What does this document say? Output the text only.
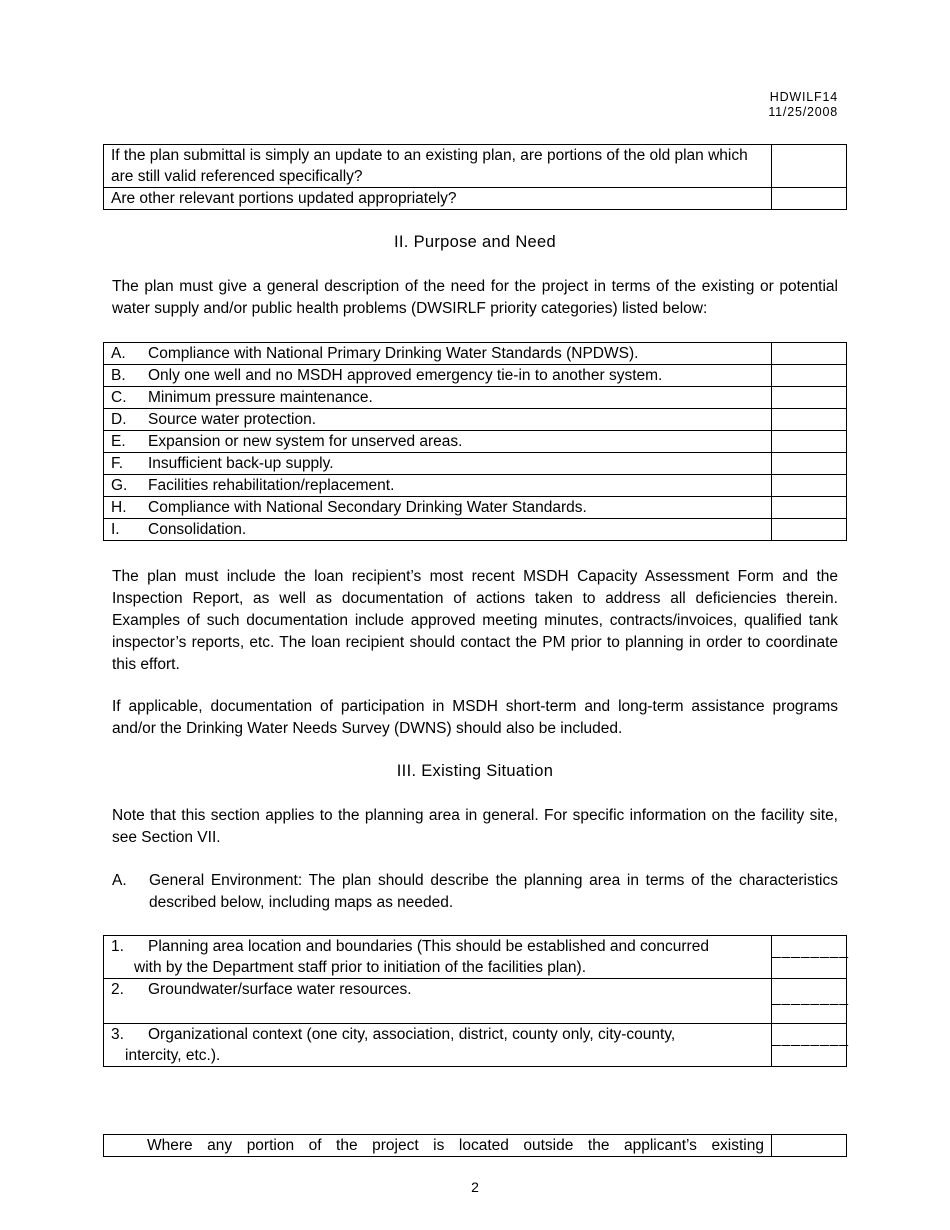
HDWILF14
11/25/2008
If the plan submittal is simply an update to an existing plan, are portions of the old plan which are still valid referenced specifically?	
Are other relevant portions updated appropriately?	
II. Purpose and Need
The plan must give a general description of the need for the project in terms of the existing or potential water supply and/or public health problems (DWSIRLF priority categories) listed below:
A. Compliance with National Primary Drinking Water Standards (NPDWS).	
B. Only one well and no MSDH approved emergency tie-in to another system.	
C. Minimum pressure maintenance.	
D. Source water protection.	
E. Expansion or new system for unserved areas.	
F. Insufficient back-up supply.	
G. Facilities rehabilitation/replacement.	
H. Compliance with National Secondary Drinking Water Standards.	
I. Consolidation.	
The plan must include the loan recipient’s most recent MSDH Capacity Assessment Form and the Inspection Report, as well as documentation of actions taken to address all deficiencies therein. Examples of such documentation include approved meeting minutes, contracts/invoices, qualified tank inspector’s reports, etc. The loan recipient should contact the PM prior to planning in order to coordinate this effort.
If applicable, documentation of participation in MSDH short-term and long-term assistance programs and/or the Drinking Water Needs Survey (DWNS) should also be included.
III. Existing Situation
Note that this section applies to the planning area in general. For specific information on the facility site, see Section VII.
A. General Environment: The plan should describe the planning area in terms of the characteristics described below, including maps as needed.
1. Planning area location and boundaries (This should be established and concurred
with by the Department staff prior to initiation of the facilities plan).	________

2. Groundwater/surface water resources.	________

3. Organizational context (one city, association, district, county only, city-county,
intercity, etc.).	________
Where any portion of the project is located outside the applicant’s existing	
2
